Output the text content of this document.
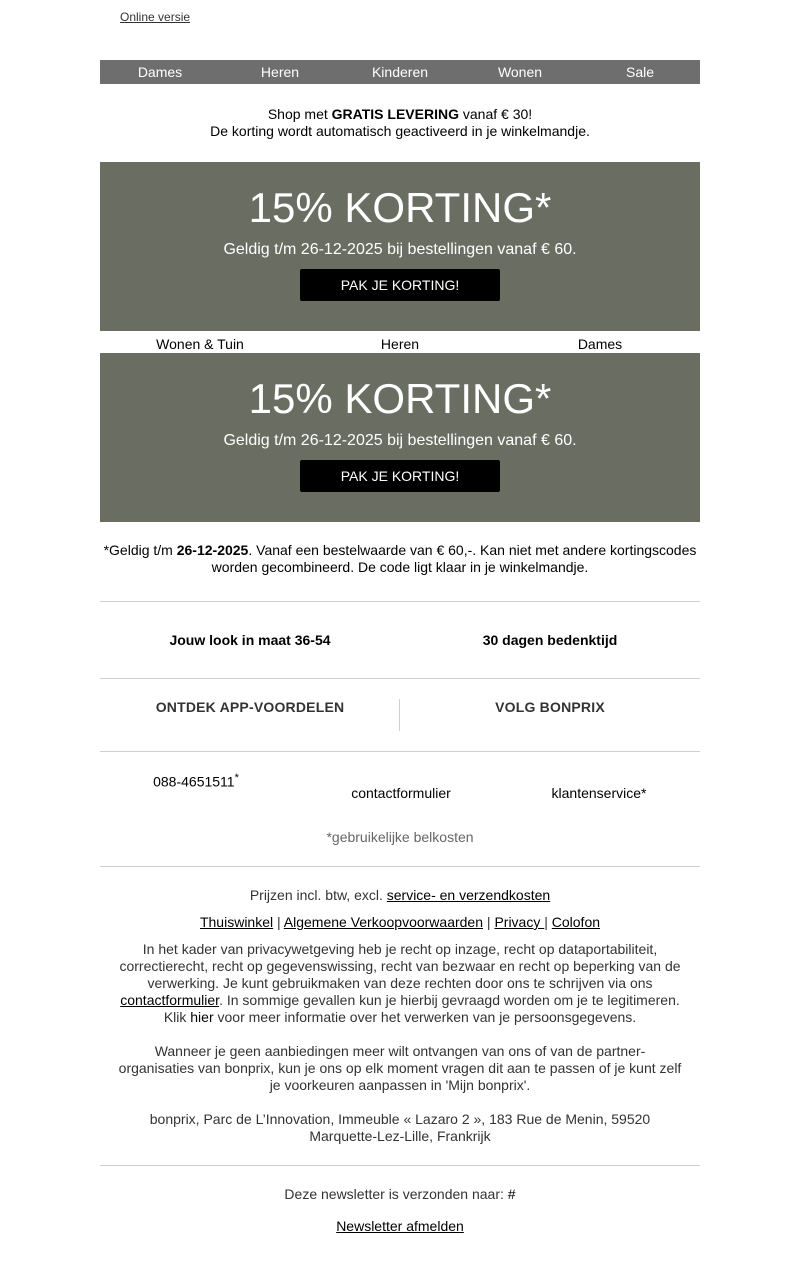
Online versie
Dames	Heren	Kinderen	Wonen	Sale
Shop met GRATIS LEVERING vanaf € 30!
De korting wordt automatisch geactiveerd in je winkelmandje.
15% KORTING*
Geldig t/m 26-12-2025 bij bestellingen vanaf € 60.
PAK JE KORTING!
Wonen & Tuin	Heren	Dames
15% KORTING*
Geldig t/m 26-12-2025 bij bestellingen vanaf € 60.
PAK JE KORTING!
*Geldig t/m 26-12-2025. Vanaf een bestelwaarde van € 60,-. Kan niet met andere kortingscodes
worden gecombineerd. De code ligt klaar in je winkelmandje.
Jouw look in maat 36-54	30 dagen bedenktijd
ONTDEK APP-VOORDELEN	VOLG BONPRIX
088-4651511*
contactformulier	klantenservice*
*gebruikelijke belkosten
Prijzen incl. btw, excl. service- en verzendkosten
Thuiswinkel | Algemene Verkoopvoorwaarden | Privacy | Colofon
In het kader van privacywetgeving heb je recht op inzage, recht op dataportabiliteit,
correctierecht, recht op gegevenswissing, recht van bezwaar en recht op beperking van de
verwerking. Je kunt gebruikmaken van deze rechten door ons te schrijven via ons
contactformulier. In sommige gevallen kun je hierbij gevraagd worden om je te legitimeren.
Klik hier voor meer informatie over het verwerken van je persoonsgegevens.
Wanneer je geen aanbiedingen meer wilt ontvangen van ons of van de partner-
organisaties van bonprix, kun je ons op elk moment vragen dit aan te passen of je kunt zelf
je voorkeuren aanpassen in 'Mijn bonprix'.
bonprix, Parc de L’Innovation, Immeuble « Lazaro 2 », 183 Rue de Menin, 59520
Marquette-Lez-Lille, Frankrijk
Deze newsletter is verzonden naar: #
Newsletter afmelden
